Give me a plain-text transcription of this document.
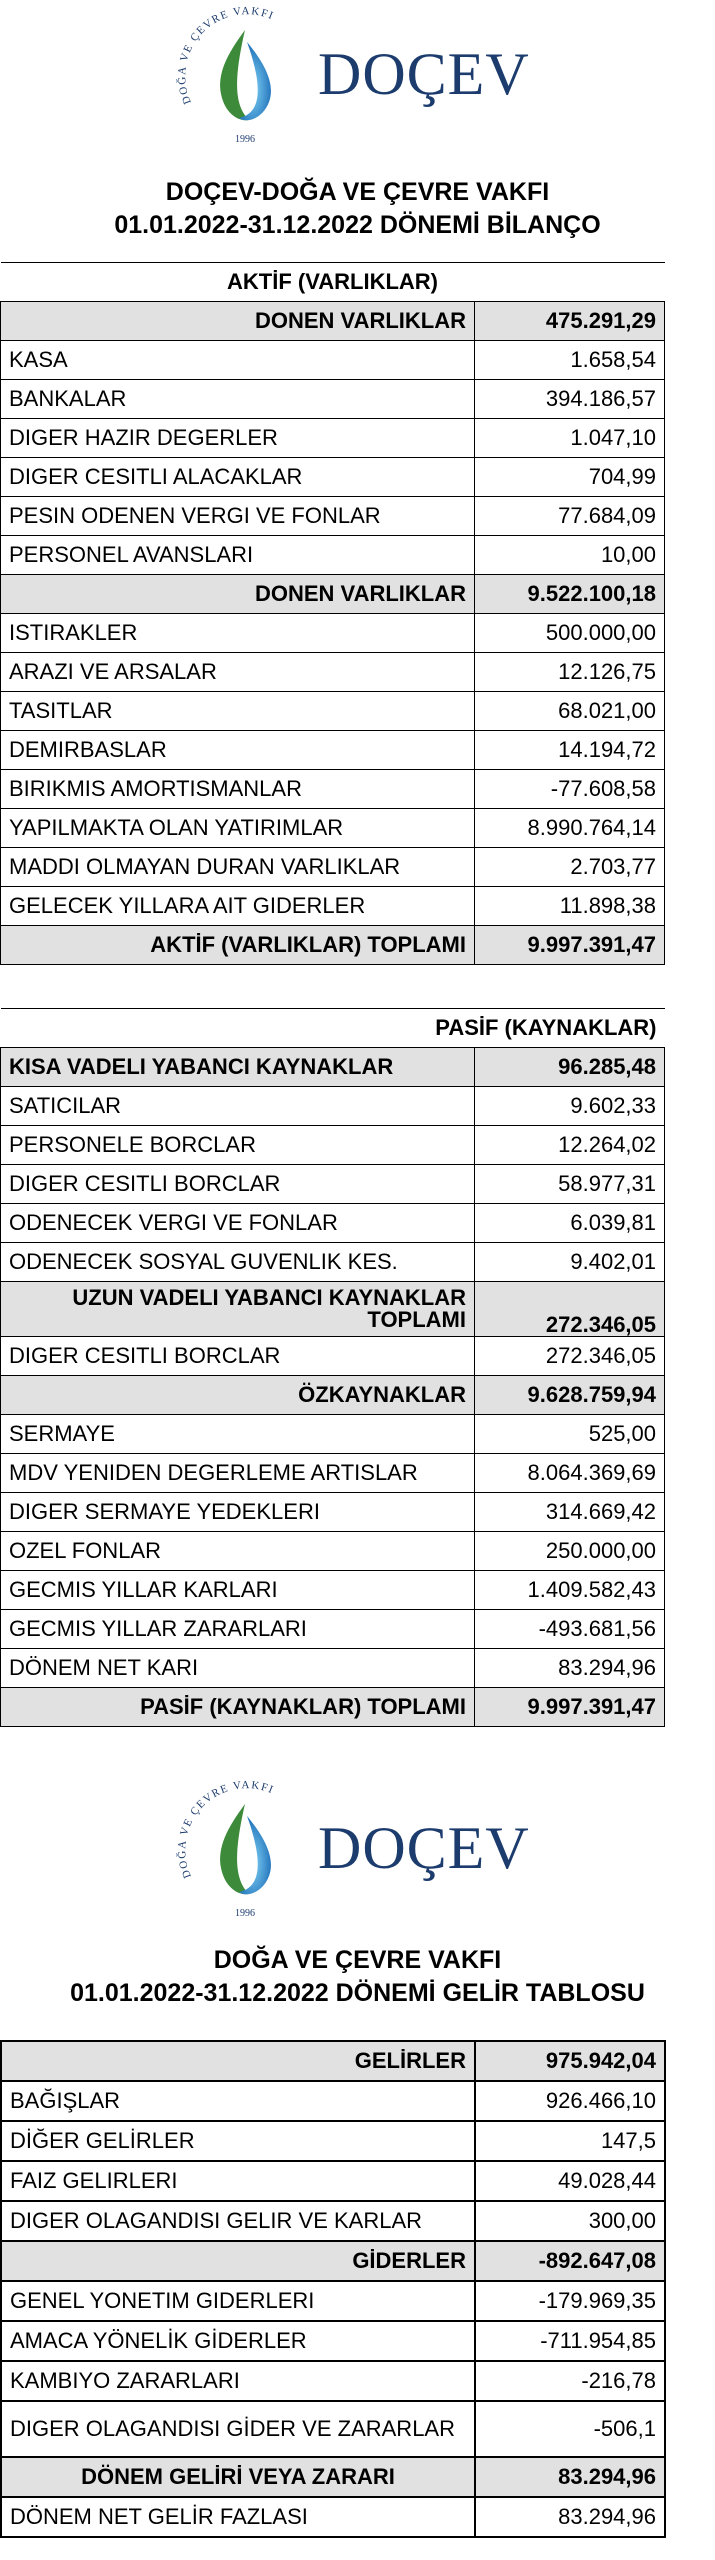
DOĞA VE ÇEVRE VAKFI
1996
DOÇEV
DOÇEV-DOĞA VE ÇEVRE VAKFI
01.01.2022-31.12.2022 DÖNEMİ BİLANÇO
AKTİF (VARLIKLAR)	
DONEN VARLIKLAR	475.291,29
KASA	1.658,54
BANKALAR	394.186,57
DIGER HAZIR DEGERLER	1.047,10
DIGER CESITLI ALACAKLAR	704,99
PESIN ODENEN VERGI VE FONLAR	77.684,09
PERSONEL AVANSLARI	10,00
DONEN VARLIKLAR	9.522.100,18
ISTIRAKLER	500.000,00
ARAZI VE ARSALAR	12.126,75
TASITLAR	68.021,00
DEMIRBASLAR	14.194,72
BIRIKMIS AMORTISMANLAR	-77.608,58
YAPILMAKTA OLAN YATIRIMLAR	8.990.764,14
MADDI OLMAYAN DURAN VARLIKLAR	2.703,77
GELECEK YILLARA AIT GIDERLER	11.898,38
AKTİF (VARLIKLAR) TOPLAMI	9.997.391,47
PASİF (KAYNAKLAR)	
KISA VADELI YABANCI KAYNAKLAR	96.285,48
SATICILAR	9.602,33
PERSONELE BORCLAR	12.264,02
DIGER CESITLI BORCLAR	58.977,31
ODENECEK VERGI VE FONLAR	6.039,81
ODENECEK SOSYAL GUVENLIK KES.	9.402,01
UZUN VADELI YABANCI KAYNAKLAR TOPLAMI	272.346,05
DIGER CESITLI BORCLAR	272.346,05
ÖZKAYNAKLAR	9.628.759,94
SERMAYE	525,00
MDV YENIDEN DEGERLEME ARTISLAR	8.064.369,69
DIGER SERMAYE YEDEKLERI	314.669,42
OZEL FONLAR	250.000,00
GECMIS YILLAR KARLARI	1.409.582,43
GECMIS YILLAR ZARARLARI	-493.681,56
DÖNEM NET KARI	83.294,96
PASİF (KAYNAKLAR) TOPLAMI	9.997.391,47
DOĞA VE ÇEVRE VAKFI
1996
DOÇEV
DOĞA VE ÇEVRE VAKFI
01.01.2022-31.12.2022 DÖNEMİ GELİR TABLOSU
GELİRLER	975.942,04
BAĞIŞLAR	926.466,10
DİĞER GELİRLER	147,5
FAIZ GELIRLERI	49.028,44
DIGER OLAGANDISI GELIR VE KARLAR	300,00
GİDERLER	-892.647,08
GENEL YONETIM GIDERLERI	-179.969,35
AMACA YÖNELİK GİDERLER	-711.954,85
KAMBIYO ZARARLARI	-216,78
DIGER OLAGANDISI GİDER VE ZARARLAR	-506,1
DÖNEM GELİRİ VEYA ZARARI	83.294,96
DÖNEM NET GELİR FAZLASI	83.294,96
